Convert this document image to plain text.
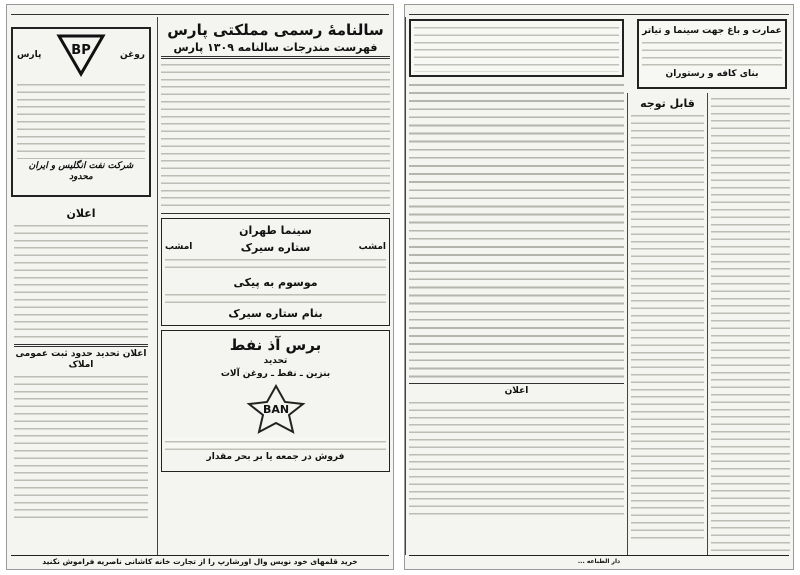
سالنامهٔ رسمی مملکتی پارس
فهرست مندرجات سالنامه ۱۳۰۹ پارس
سینما طهران
امشب
ستاره سیرک
امشب
موسوم به پیکی
بنام ستاره سیرک
برس آذ نفط
تحدید
بنزین ـ نفط ـ روغن آلات
BAN
فروش در جمعه یا بر بحر مقدار
روغن
BP
پارس
شرکت نفت انگلیس و ایران محدود
اعلان
اعلان تحدید حدود ثبت عمومی املاک
خرید قلمهای خود نویس وال اورشارپ را از تجارت خانه کاشانی ناصریه فراموش نکنید
عمارت و باغ جهت سینما و تیاتر
بنای کافه و رستوران
قابل توجه
اعلان
دار الطباعه ...
